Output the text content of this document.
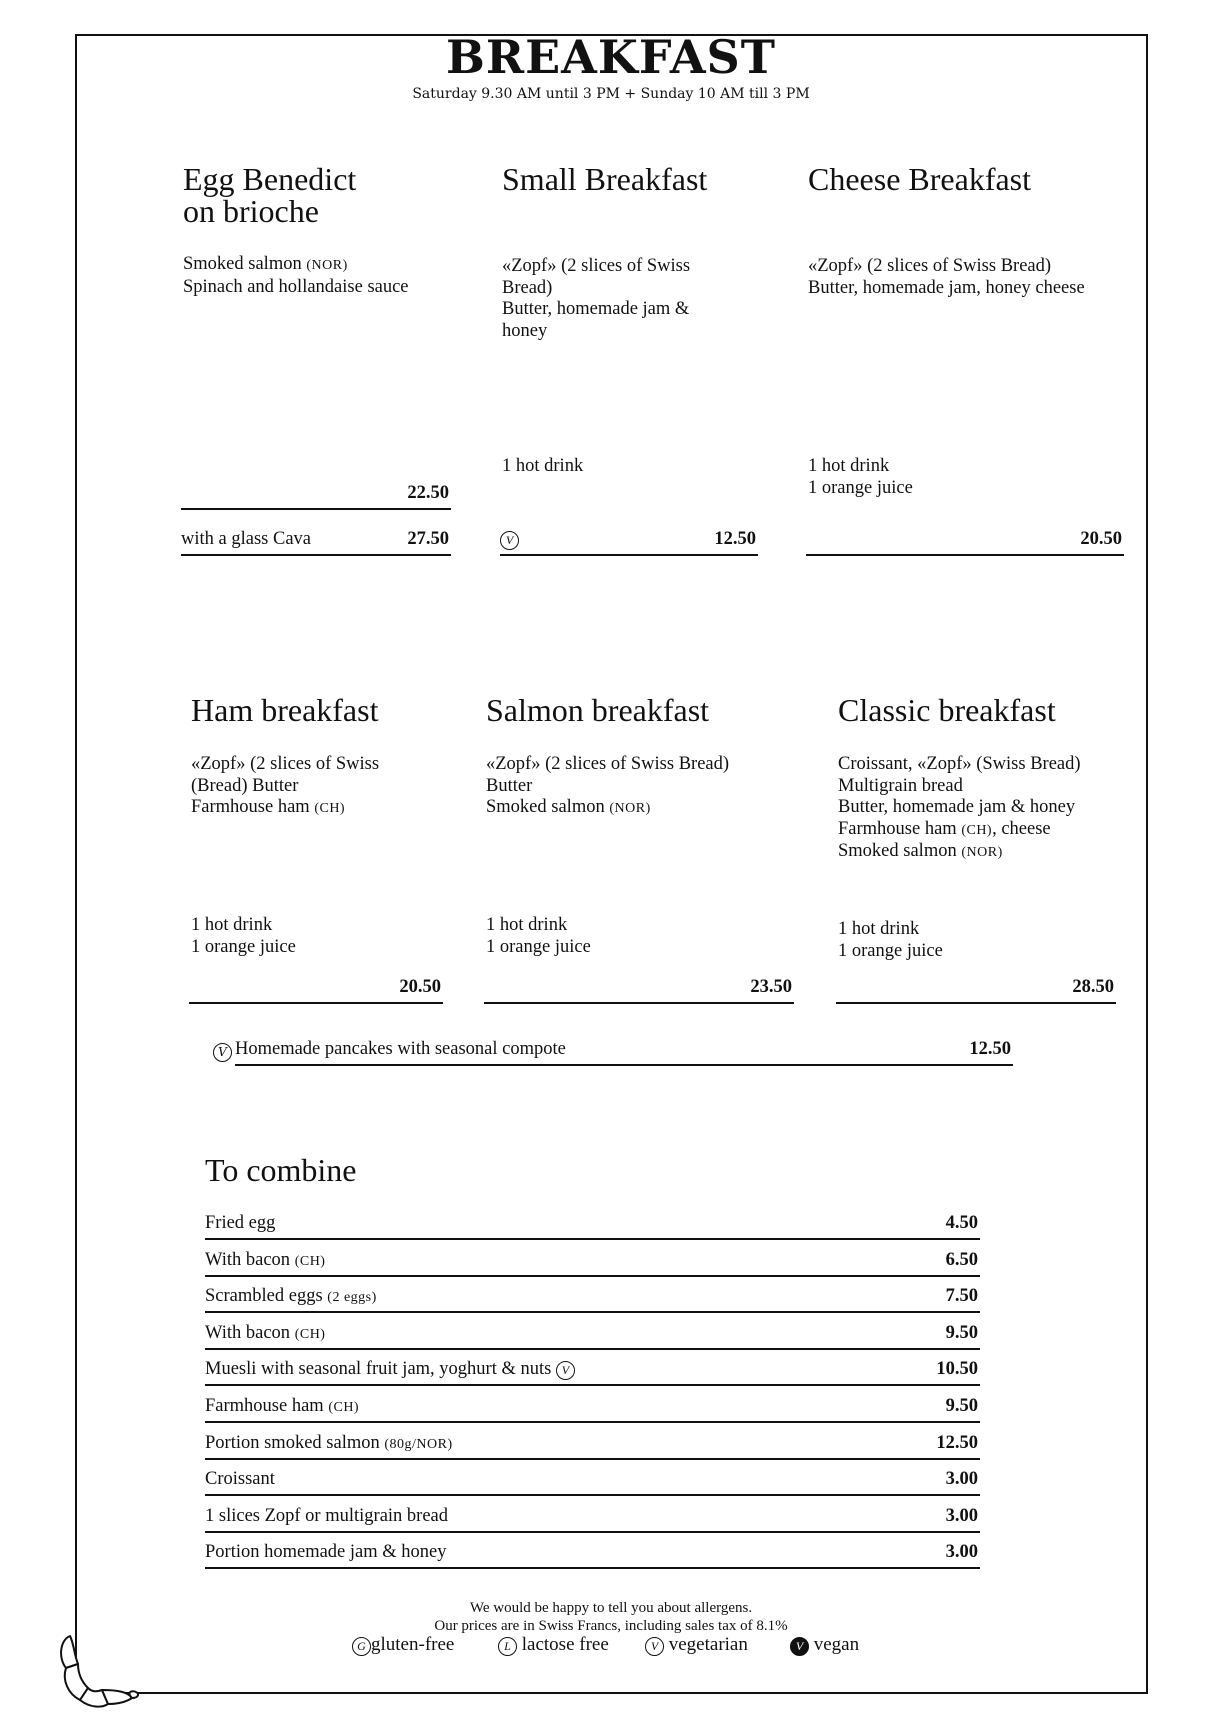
BREAKFAST
Saturday 9.30 AM until 3 PM + Sunday 10 AM till 3 PM
Egg Benedict
on brioche
Smoked salmon (NOR)
Spinach and hollandaise sauce
22.50
with a glass Cava	27.50
Small Breakfast
«Zopf» (2 slices of Swiss
Bread)
Butter, homemade jam &
honey
1 hot drink
V	12.50
Cheese Breakfast
«Zopf» (2 slices of Swiss Bread)
Butter, homemade jam, honey cheese
1 hot drink
1 orange juice
20.50
Ham breakfast
«Zopf» (2 slices of Swiss
(Bread) Butter
Farmhouse ham (CH)
1 hot drink
1 orange juice
20.50
Salmon breakfast
«Zopf» (2 slices of Swiss Bread)
Butter
Smoked salmon (NOR)
1 hot drink
1 orange juice
23.50
Classic breakfast
Croissant, «Zopf» (Swiss Bread)
Multigrain bread
Butter, homemade jam & honey
Farmhouse ham (CH), cheese
Smoked salmon (NOR)
1 hot drink
1 orange juice
28.50
V Homemade pancakes with seasonal compote	12.50
To combine
Fried egg	4.50
With bacon (CH)	6.50
Scrambled eggs (2 eggs)	7.50
With bacon (CH)	9.50
Muesli with seasonal fruit jam, yoghurt & nuts V	10.50
Farmhouse ham (CH)	9.50
Portion smoked salmon (80g/NOR)	12.50
Croissant	3.00
1 slices Zopf or multigrain bread	3.00
Portion homemade jam & honey	3.00
We would be happy to tell you about allergens.
Our prices are in Swiss Francs, including sales tax of 8.1%
G gluten-free	L lactose free	V vegetarian	V vegan
